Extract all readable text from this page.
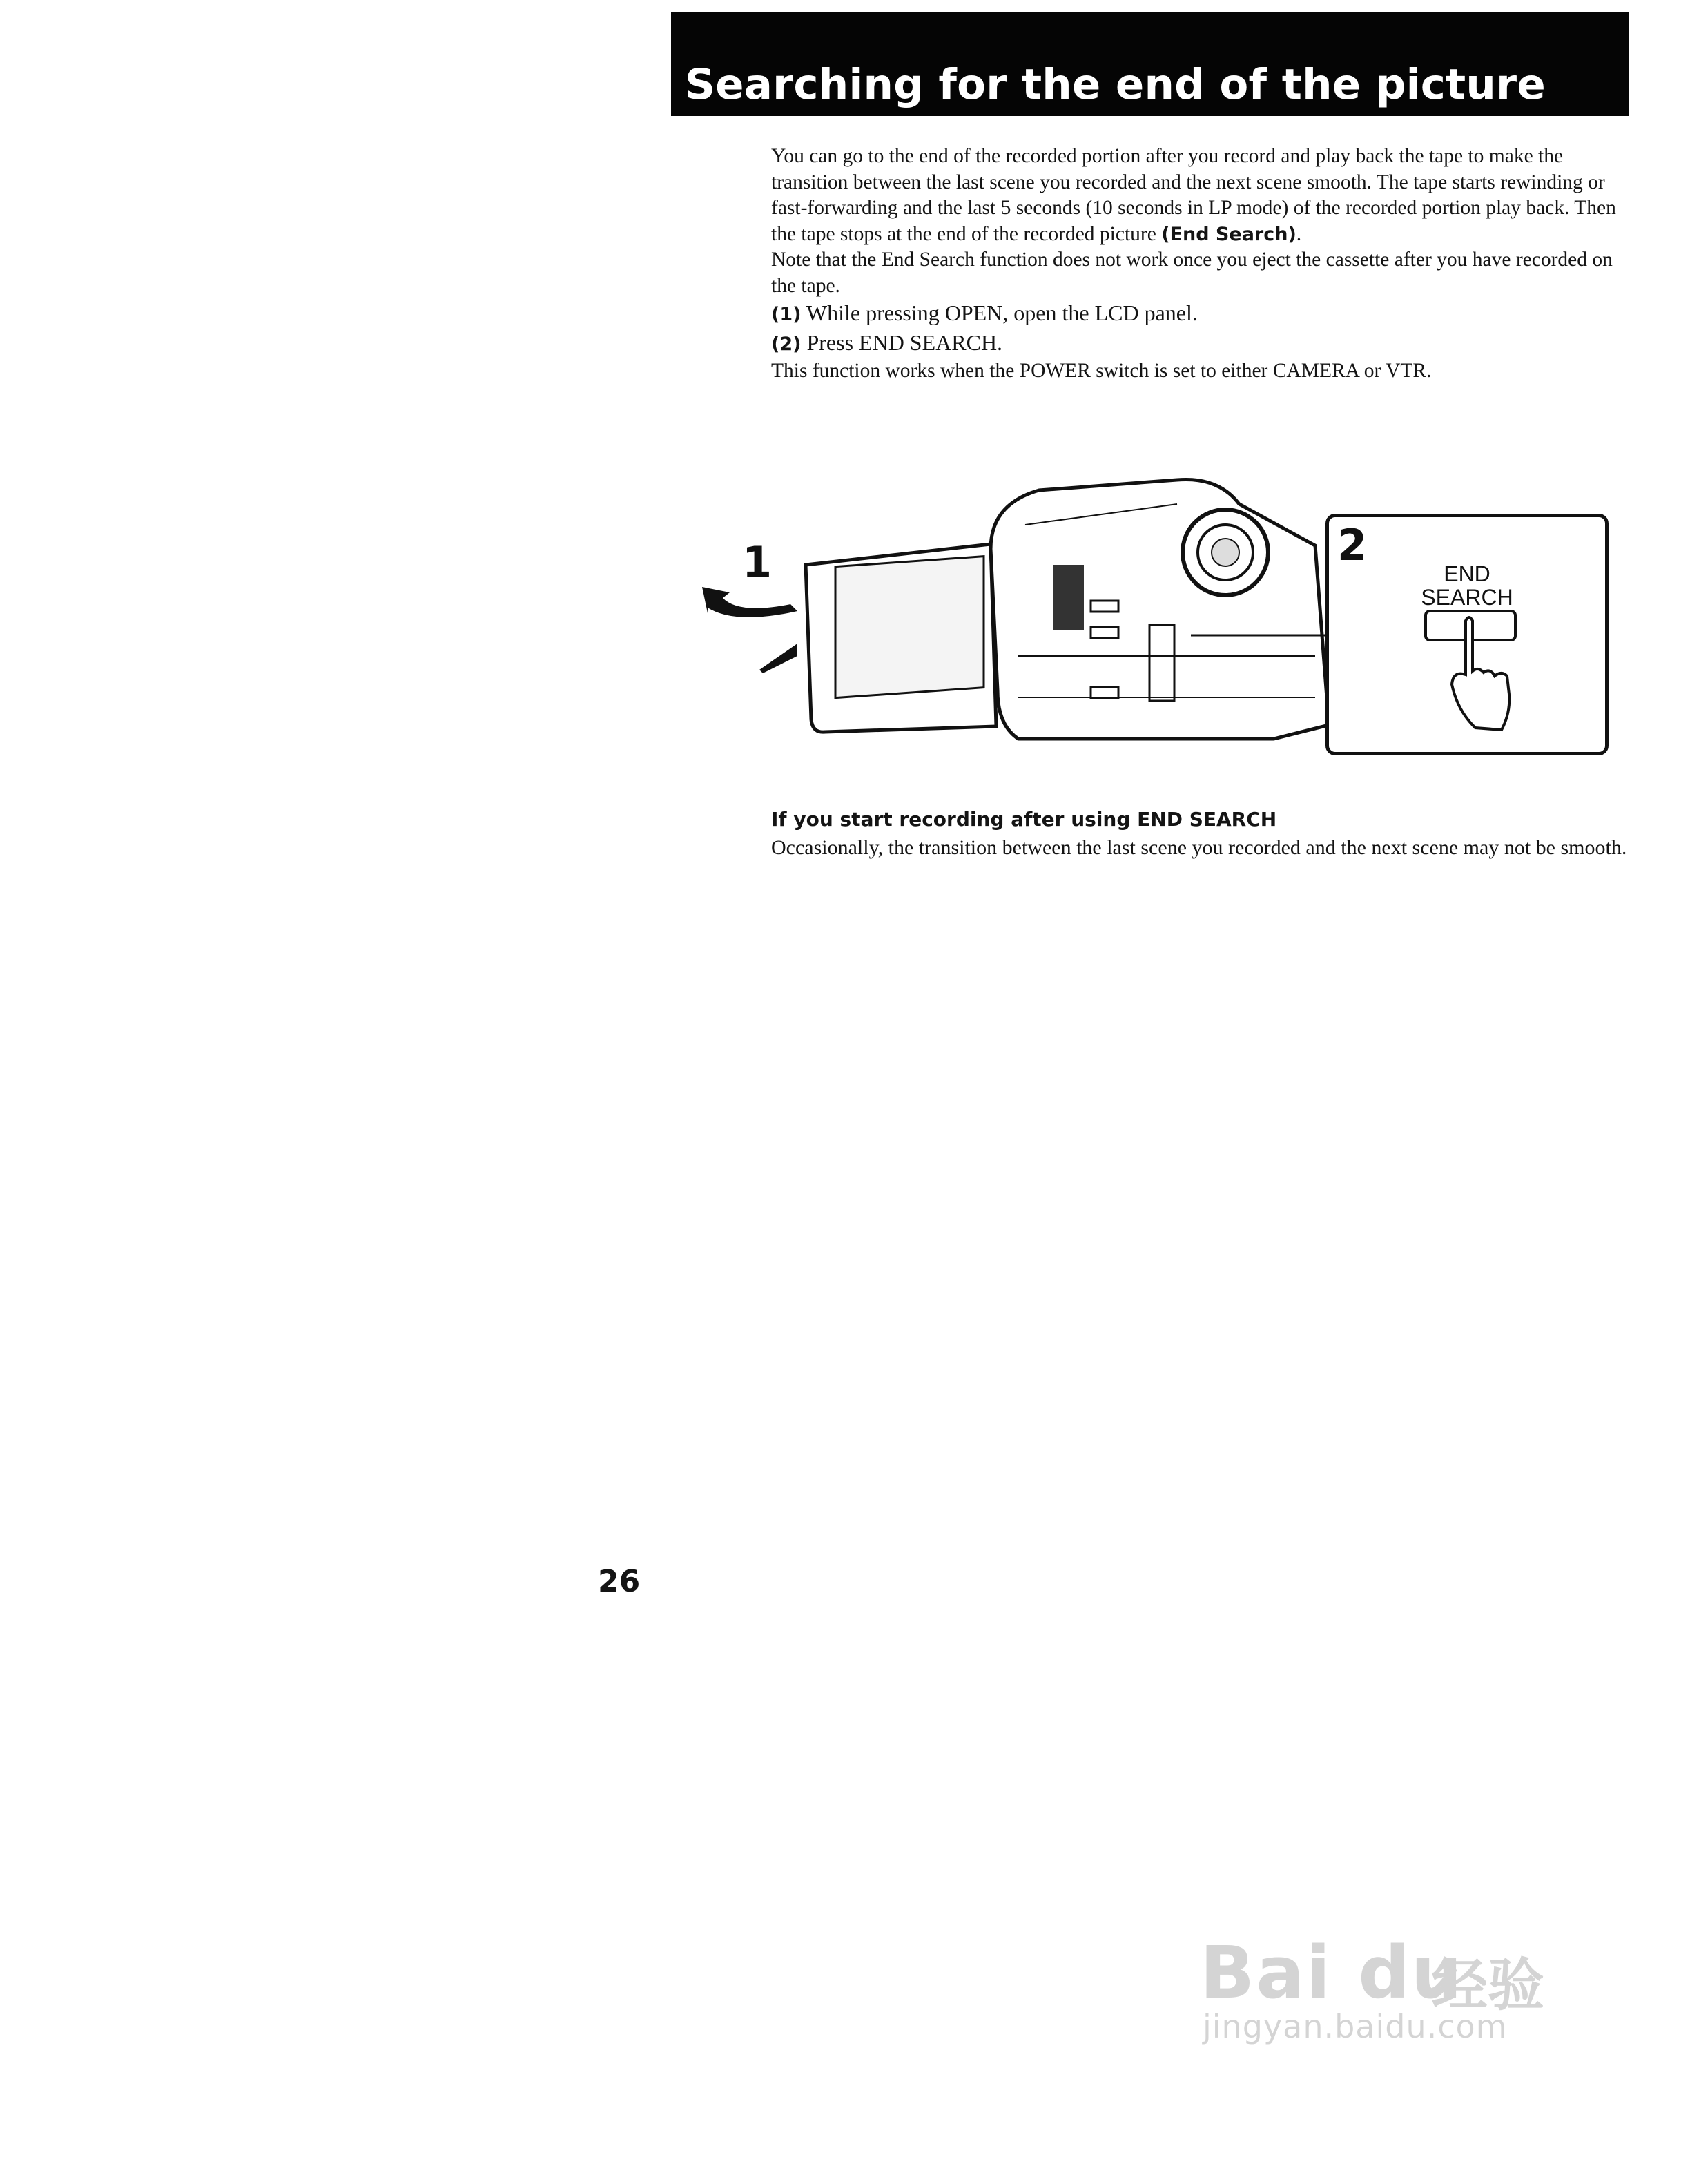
Searching for the end of the picture

You can go to the end of the recorded portion after you record and play back the tape to make the transition between the last scene you recorded and the next scene smooth. The tape starts rewinding or fast-forwarding and the last 5 seconds (10 seconds in LP mode) of the recorded portion play back. Then the tape stops at the end of the recorded picture (End Search).

Note that the End Search function does not work once you eject the cassette after you have recorded on the tape.

(1) While pressing OPEN, open the LCD panel.

(2) Press END SEARCH.

This function works when the POWER switch is set to either CAMERA or VTR.

1	2
END
SEARCH
If you start recording after using END SEARCH
Occasionally, the transition between the last scene you recorded and the next scene may not be smooth.
26
Bai du
经验
jingyan.baidu.com
